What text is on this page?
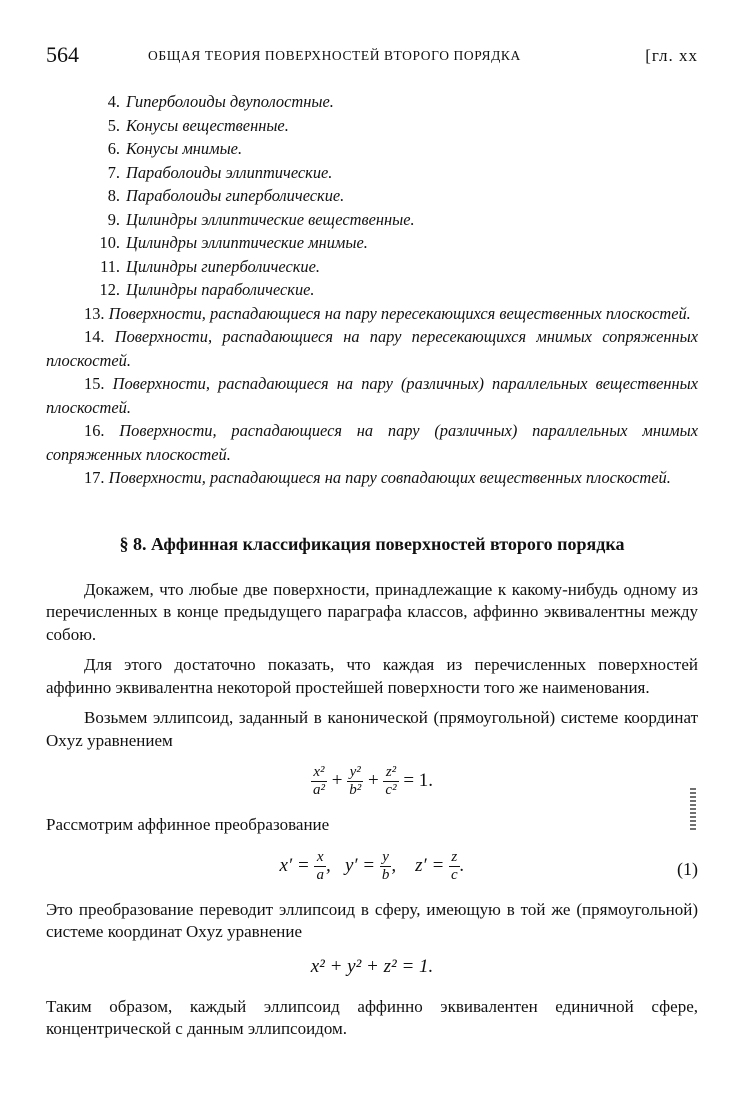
564	ОБЩАЯ ТЕОРИЯ ПОВЕРХНОСТЕЙ ВТОРОГО ПОРЯДКА	[гл. xx
4. Гиперболоиды двуполостные.
5. Конусы вещественные.
6. Конусы мнимые.
7. Параболоиды эллиптические.
8. Параболоиды гиперболические.
9. Цилиндры эллиптические вещественные.
10. Цилиндры эллиптические мнимые.
11. Цилиндры гиперболические.
12. Цилиндры параболические.
13. Поверхности, распадающиеся на пару пересекающихся вещественных плоскостей.
14. Поверхности, распадающиеся на пару пересекающихся мнимых сопряженных плоскостей.
15. Поверхности, распадающиеся на пару (различных) параллельных вещественных плоскостей.
16. Поверхности, распадающиеся на пару (различных) параллельных мнимых сопряженных плоскостей.
17. Поверхности, распадающиеся на пару совпадающих вещественных плоскостей.
§ 8. Аффинная классификация поверхностей второго порядка
Докажем, что любые две поверхности, принадлежащие к какому-нибудь одному из перечисленных в конце предыдущего параграфа классов, аффинно эквивалентны между собою.
Для этого достаточно показать, что каждая из перечисленных поверхностей аффинно эквивалентна некоторой простейшей поверхности того же наименования.
Возьмем эллипсоид, заданный в канонической (прямоугольной) системе координат Oxyz уравнением
$\frac{\text{x²}}{\text{a²}} + \frac{\text{y²}}{\text{b²}} + \frac{\text{z²}}{\text{c²}} = 1$.
Рассмотрим аффинное преобразование
$x' = \frac{x}{a}$ ,   $y' = \frac{y}{b}$ ,    $z' = \frac{z}{c}$ .	(1)
Это преобразование переводит эллипсоид в сферу, имеющую в той же (прямоугольной) системе координат Oxyz уравнение
x² + y² + z² = 1.
Таким образом, каждый эллипсоид аффинно эквивалентен единичной сфере, концентрической с данным эллипсоидом.
